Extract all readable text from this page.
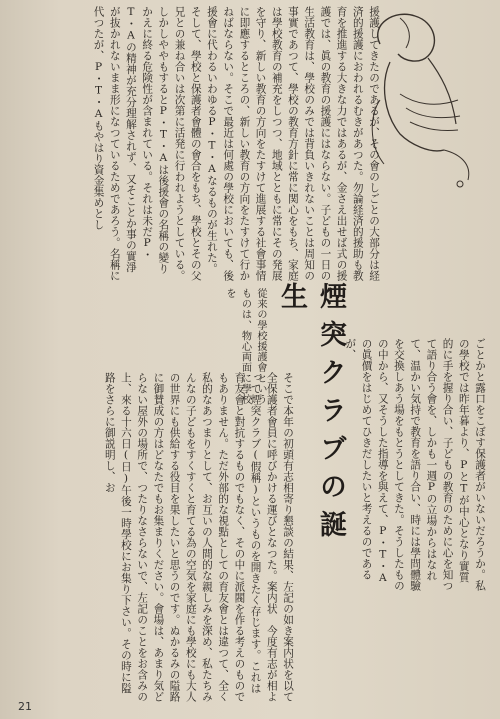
援護してきたのであるが、その會のしごとの大部分は経済的援護におわれるむきがあつた。勿論経済的援助も教育を推進する大きな力ではあるが、金さえ出せば式の援護では、眞の教育の援護にはならない。子どもの一日の生活教育は、學校のみでは背負いきれないことは周知の事實であつて、學校の教育方針に常に関心をもち、家庭は學校教育の補充をしつつ、地域とともに常にその発展を守り、新しい教育の方向をたすけて進展する社會事情に即應するところの、新しい教育の方向をたすけて行かねばならない。そこで最近は何處の學校においても、後援會に代わるいわゆるP・T・Aなるものが生れた。そして、學校と保護者會體の會合をもち、學校とその父兄との兼ね合いは次第に活発に行われようとしている。しかしややもするとP・T・Aは後援會の名稱の變りかえに終る危険性が含まれている。それは未だP・T・Aの精神が充分理解されず、又そことか事の實淨が抜かれないまま形になつているためであろう。名稱に代つたが、P・T・Aもやはり資金集めとし
煙突クラブの誕生
從来の學校援護會というものは、物心両面に學校を
ごとかと露口をこぼす保護者がいないだろうか。私の學校では昨年暮より、PとTが中心となり實質的に手を握り合い、子どもの教育のために心を知つて語り合う會を、しかも一週Pの立場からはなれて、温かい気持で教育を語り合い、時には學問體驗を交換しあう場をもとうとしてきた。そうしたものの中から、又そうした指導を與えて、P・T・Aの眞價をはじめてひきだしたいと考えるのであるが、
そこで本年の初頭有志相寄り懇談の結果、左記の如き案内状を以て全保護者會員に呼びかける運びとなつた。案内状　今度有志が相よって煙突クラブ(假稱)というものを開きたく存じます。これは育友會と對抗するものでもなく、その中に派閥を作る考えのものでもありません。ただ外部的な視點としての育友會とは違つて、全く私的なあつまりとして、お互いの人間的な親しみを深め、私たちみんなの子どもをすくすくと育てる為の空気を家庭にも學校にも大人の世界にも供給する役目を果したいと思うのです。ぬかるみの隘路に御賛成の方はどなたでもお集まりください。會場は、あまり気どらない屋外の場所で、つたりなさらないで、左記のことをお含みの上、來る十六日(日)午後一時學校にお集り下さい。その時に隘路をさらに御説明し、お
21
